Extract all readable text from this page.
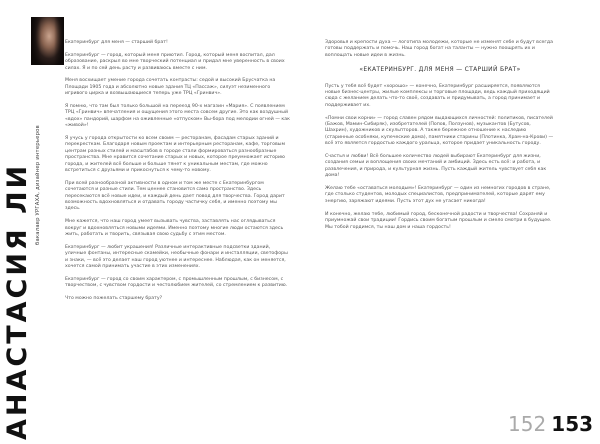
АНАСТАСИЯ ЛИ бакалавр УРГАХА, дизайнер интерьеров

Екатеринбург для меня — старший брат!

Екатеринбург — город, который меня приютил. Город, который меня воспитал, дал образование, раскрыл во мне творческий потенциал и придал мне уверенность в своих силах. Я и по сей день расту и развиваюсь вместе с ним.

Меня восхищает умение города сочетать контрасты: седой и высокий Брусчатка на Площади 1905 года и абсолютно новые здания ТЦ «Пассаж», силуэт незименного игривого цирка и возвышающиеся теперь уже ТРЦ «Гринвич».

Я помню, что там был только большой на переезд 90-х магазин «Мария». С появлением ТРЦ «Гринвич» впечатления и ощущения этого места совсем другие. Это как воздушный «вдох» пандорий, шарфом на оживленные «отпуском» Вы-бора под мелодии огней — как «живой»!

Я учусь у города открытости ко всем своим — ресторанам, фасадам старых зданий и перекресткам. Благодаря новым проектам и интерьерным ресторанам, кафе, торговым центрам разных стилей и масштабов в городе стали формироваться разнообразные пространства. Мне нравится сочетание старых и новых, которое преумножает историю города, и жителей всё больше и больше тянет к уникальным местам, где можно встретиться с друзьями и прикоснуться к чему-то новому.

При всей разнообразной активности в одном и том же месте с Екатеринбургом сочетаются и разные стили. Тем ценнее становится само пространство. Здесь пересекаются всё новые идеи, и каждый день дает повод для творчества. Город дарит возможность вдохновляться и отдавать городу частичку себя, и именно поэтому мы здесь.

Мне кажется, что наш город умеет вызывать чувства, заставлять нас оглядываться вокруг и вдохновляться новыми идеями. Именно поэтому многие люди остаются здесь жить, работать и творить, связывая свою судьбу с этим местом.

Екатеринбург — любит украшения! Различные интерактивные подсветки зданий, уличные фонтаны, интересные скамейки, необычные фонари и инсталляции, светофоры и знаки, — всё это делает наш город уютнее и интереснее. Наблюдая, как он меняется, хочется самой принимать участие в этих изменениях.

Екатеринбург — город со своим характером, с промышленным прошлым, с бизнесом, с творчеством, с чувством гордости и честолюбием жителей, со стремлением к развитию.

Что можно пожелать старшему брату?

Здоровья и крепости духа — логотипа молодежи, которые не изменят себе и будут всегда готовы поддержать и помочь. Наш город богат на таланты — нужно поощрять их и воплощать новые идеи в жизнь.

«ЕКАТЕРИНБУРГ. ДЛЯ МЕНЯ — СТАРШИЙ БРАТ»

Пусть у тебя всё будет «хорошо» — конечно, Екатеринбург расширяется, появляются новые бизнес-центры, жилые комплексы и торговые площади, ведь каждый приходящий сюда с желанием делать что-то своё, создавать и придумывать, а город принимает и поддерживает их.

«Помни свои корни» — город славен рядом выдающихся личностей: политиков, писателей (Бажов, Мамин-Сибиряк), изобретателей (Попов, Ползунов), музыкантов (Бутусов, Шахрин), художников и скульпторов. А также бережное отношение к наследию (старинные особняки, купеческие дома), памятники старины (Плотинка, Храм-на-Крови) — всё это является гордостью каждого уральца, которое придает уникальность городу.

Счастья и любви! Всё большее количество людей выбирают Екатеринбург для жизни, создания семьи и воплощения своих мечтаний и амбиций. Здесь есть всё: и работа, и развлечения, и природа, и культурная жизнь. Пусть каждый житель чувствует себя как дома!

Желаю тебе «оставаться молодым»! Екатеринбург — один из немногих городов в стране, где столько студентов, молодых специалистов, предпринимателей, которые дарят ему энергию, заряжают идеями. Пусть этот дух не угасает никогда!

И конечно, желаю тебе, любимый город, бесконечной радости и творчества! Сохраняй и приумножай свои традиции! Гордись своим богатым прошлым и смело смотри в будущее. Мы тобой гордимся, ты наш дом и наша гордость!

152 153
